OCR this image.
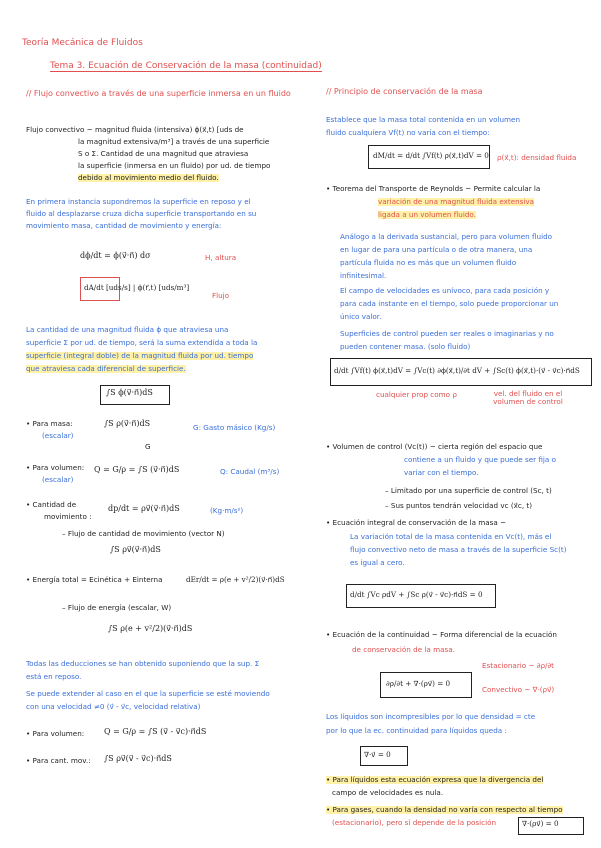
Teoría Mecánica de Fluidos
Tema 3. Ecuación de Conservación de la masa (continuidad)
// Flujo convectivo a través de una superficie inmersa en un fluido
Flujo convectivo ~ magnitud fluida (intensiva) ϕ(x⃗,t) [uds de
la magnitud extensiva/m³] a través de una superficie
S o Σ. Cantidad de una magnitud que atraviesa
la superficie (inmersa en un fluido) por ud. de tiempo
debido al movimiento medio del fluido.
En primera instancia supondremos la superficie en reposo y el
fluido al desplazarse cruza dicha superficie transportando en su
movimiento masa, cantidad de movimiento y energía:
dϕ/dt = ϕ(v⃗·n⃗) dσ	H, altura
dA/dt [uds/s] | ϕ(r⃗,t) [uds/m³]
Flujo
La cantidad de una magnitud fluida ϕ que atraviesa una
superficie Σ por ud. de tiempo, será la suma extendida a toda la
superficie (integral doble) de la magnitud fluida por ud. tiempo
que atraviesa cada diferencial de superficie.
∫S ϕ(v⃗·n⃗)dS
• Para masa:
(escalar)
∫S ρ(v⃗·n⃗)dS
G
G: Gasto másico (Kg/s)
• Para volumen:
(escalar)
Q = G/ρ = ∫S (v⃗·n⃗)dS	Q: Caudal (m³/s)
• Cantidad de
movimiento :
dp/dt = ρv⃗(v⃗·n⃗)dS	(Kg·m/s²)
– Flujo de cantidad de movimiento (vector N)
∫S ρv⃗(v⃗·n⃗)dS
• Energía total = Ecinética + Einterna	dEr/dt = ρ(e + v²/2)(v⃗·n⃗)dS
– Flujo de energía (escalar, W)
∫S ρ(e + v²/2)(v⃗·n⃗)dS
Todas las deducciones se han obtenido suponiendo que la sup. Σ
está en reposo.
Se puede extender al caso en el que la superficie se esté moviendo
con una velocidad ≠0 (v⃗ - v⃗c, velocidad relativa)
• Para volumen: Q = G/ρ = ∫S (v⃗ - v⃗c)·n⃗dS
• Para cant. mov.: ∫S ρv⃗(v⃗ - v⃗c)·n⃗dS
// Principio de conservación de la masa
Establece que la masa total contenida en un volumen
fluido cualquiera Vf(t) no varía con el tiempo:
dM/dt = d/dt ∫Vf(t) ρ(x⃗,t)dV = 0 ρ(x⃗,t): densidad fluida
• Teorema del Transporte de Reynolds ~ Permite calcular la
variación de una magnitud fluida extensiva
ligada a un volumen fluido.
Análogo a la derivada sustancial, pero para volumen fluido
en lugar de para una partícula o de otra manera, una
partícula fluida no es más que un volumen fluido
infinitesimal.
El campo de velocidades es unívoco, para cada posición y
para cada instante en el tiempo, solo puede proporcionar un
único valor.
Superficies de control pueden ser reales o imaginarias y no
pueden contener masa. (solo fluido)
d/dt ∫Vf(t) ϕ(x⃗,t)dV = ∫Vc(t) ∂ϕ(x⃗,t)/∂t dV + ∫Sc(t) ϕ(x⃗,t)·(v⃗ - v⃗c)·n⃗dS
cualquier prop como ρ	vel. del fluido en el volumen de control
• Volumen de control (Vc(t)) ~ cierta región del espacio que
contiene a un fluido y que puede ser fija o
variar con el tiempo.
– Limitado por una superficie de control (Sc, t)
– Sus puntos tendrán velocidad vc (x⃗c, t)
• Ecuación integral de conservación de la masa ~
La variación total de la masa contenida en Vc(t), más el
flujo convectivo neto de masa a través de la superficie Sc(t)
es igual a cero.
d/dt ∫Vc ρdV + ∫Sc ρ(v⃗ - v⃗c)·n⃗dS = 0
• Ecuación de la continuidad ~ Forma diferencial de la ecuación
de conservación de la masa.
∂ρ/∂t + ∇·(ρv⃗) = 0
Estacionario ~ ∂ρ/∂t
Convectivo ~ ∇·(ρv⃗)
Los líquidos son incompresibles por lo que densidad = cte
por lo que la ec. continuidad para líquidos queda :
∇·v⃗ = 0
• Para líquidos esta ecuación expresa que la divergencia del
campo de velocidades es nula.
• Para gases, cuando la densidad no varía con respecto al tiempo
(estacionario), pero sí depende de la posición	∇·(ρv⃗) = 0
